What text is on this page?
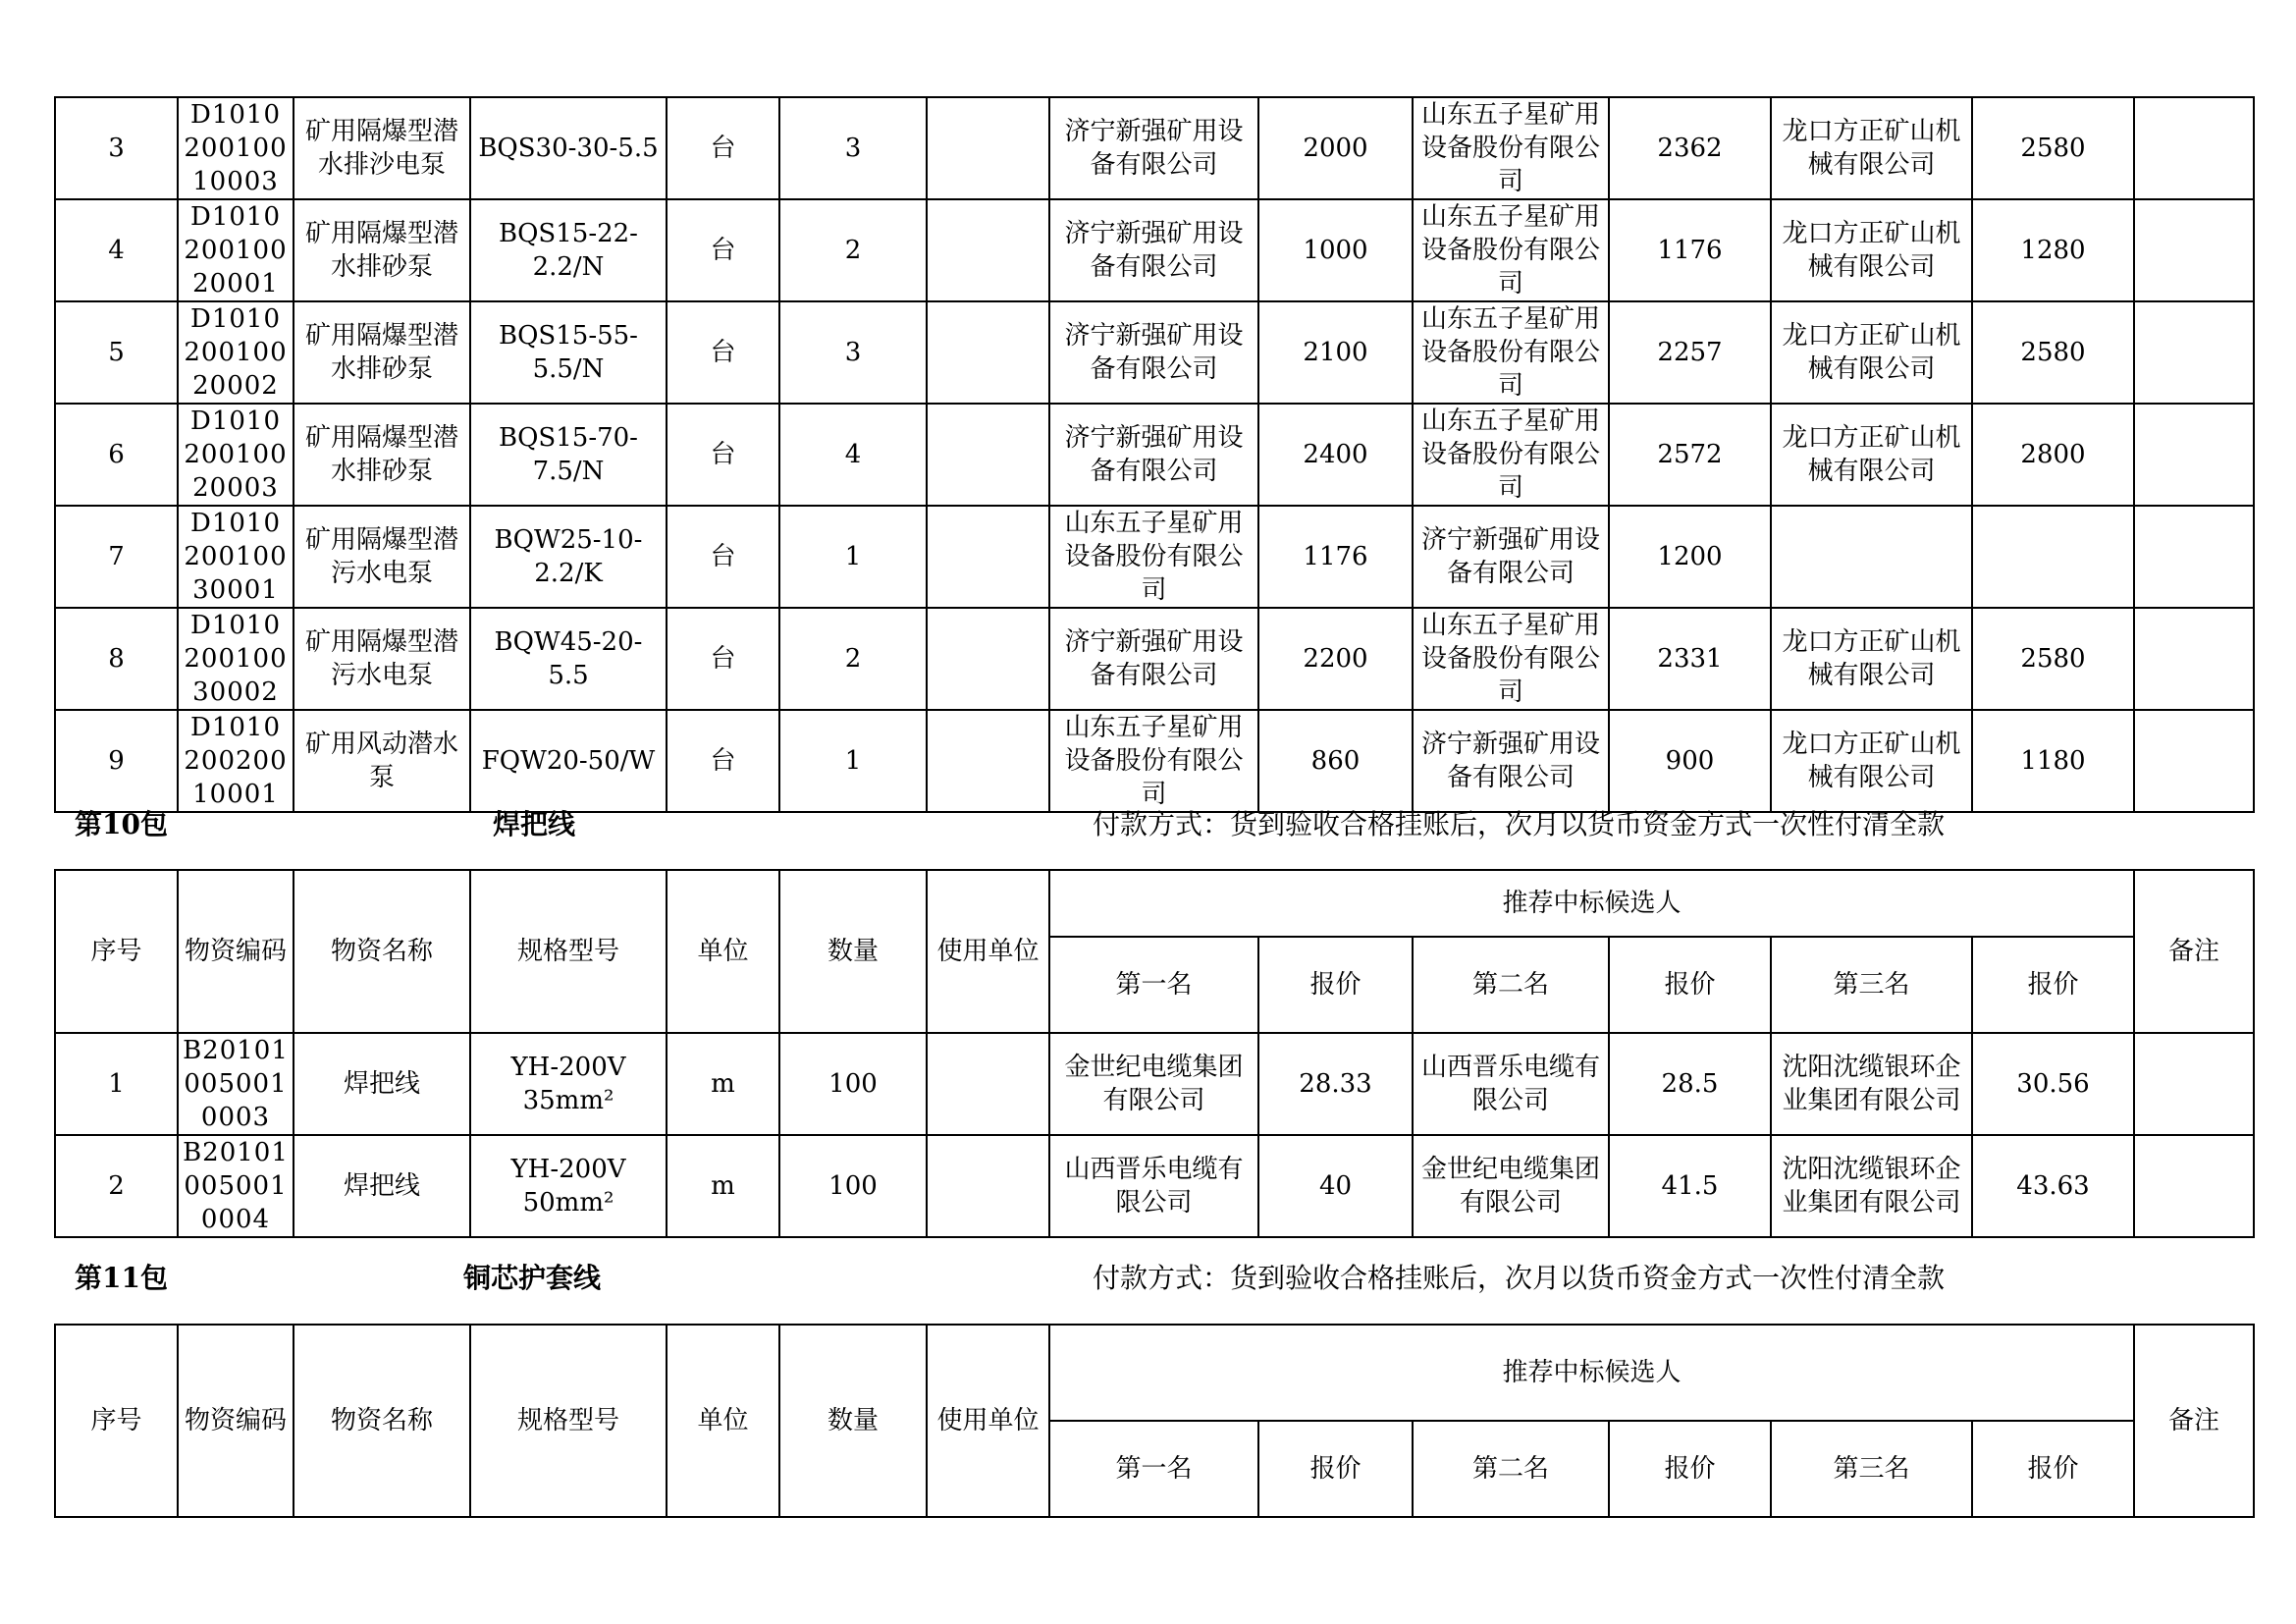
3	D101020010010003	矿用隔爆型潜水排沙电泵	BQS30-30-5.5	台	3		济宁新强矿用设备有限公司	2000	山东五子星矿用设备股份有限公司	2362	龙口方正矿山机械有限公司	2580	
4	D101020010020001	矿用隔爆型潜水排砂泵	BQS15-22-2.2/N	台	2		济宁新强矿用设备有限公司	1000	山东五子星矿用设备股份有限公司	1176	龙口方正矿山机械有限公司	1280	
5	D101020010020002	矿用隔爆型潜水排砂泵	BQS15-55-5.5/N	台	3		济宁新强矿用设备有限公司	2100	山东五子星矿用设备股份有限公司	2257	龙口方正矿山机械有限公司	2580	
6	D101020010020003	矿用隔爆型潜水排砂泵	BQS15-70-7.5/N	台	4		济宁新强矿用设备有限公司	2400	山东五子星矿用设备股份有限公司	2572	龙口方正矿山机械有限公司	2800	
7	D101020010030001	矿用隔爆型潜污水电泵	BQW25-10-2.2/K	台	1		山东五子星矿用设备股份有限公司	1176	济宁新强矿用设备有限公司	1200			
8	D101020010030002	矿用隔爆型潜污水电泵	BQW45-20-5.5	台	2		济宁新强矿用设备有限公司	2200	山东五子星矿用设备股份有限公司	2331	龙口方正矿山机械有限公司	2580	
9	D101020020010001	矿用风动潜水泵	FQW20-50/W	台	1		山东五子星矿用设备股份有限公司	860	济宁新强矿用设备有限公司	900	龙口方正矿山机械有限公司	1180	
第10包	焊把线	付款方式：货到验收合格挂账后，次月以货币资金方式一次性付清全款
序号	物资编码	物资名称	规格型号	单位	数量	使用单位	推荐中标候选人						备注
							第一名	报价	第二名	报价	第三名	报价	
1	B201010050010003	焊把线	YH-200V 35mm²	m	100		金世纪电缆集团有限公司	28.33	山西晋乐电缆有限公司	28.5	沈阳沈缆银环企业集团有限公司	30.56	
2	B201010050010004	焊把线	YH-200V 50mm²	m	100		山西晋乐电缆有限公司	40	金世纪电缆集团有限公司	41.5	沈阳沈缆银环企业集团有限公司	43.63	
第11包	铜芯护套线	付款方式：货到验收合格挂账后，次月以货币资金方式一次性付清全款
序号	物资编码	物资名称	规格型号	单位	数量	使用单位	推荐中标候选人						备注
							第一名	报价	第二名	报价	第三名	报价	
